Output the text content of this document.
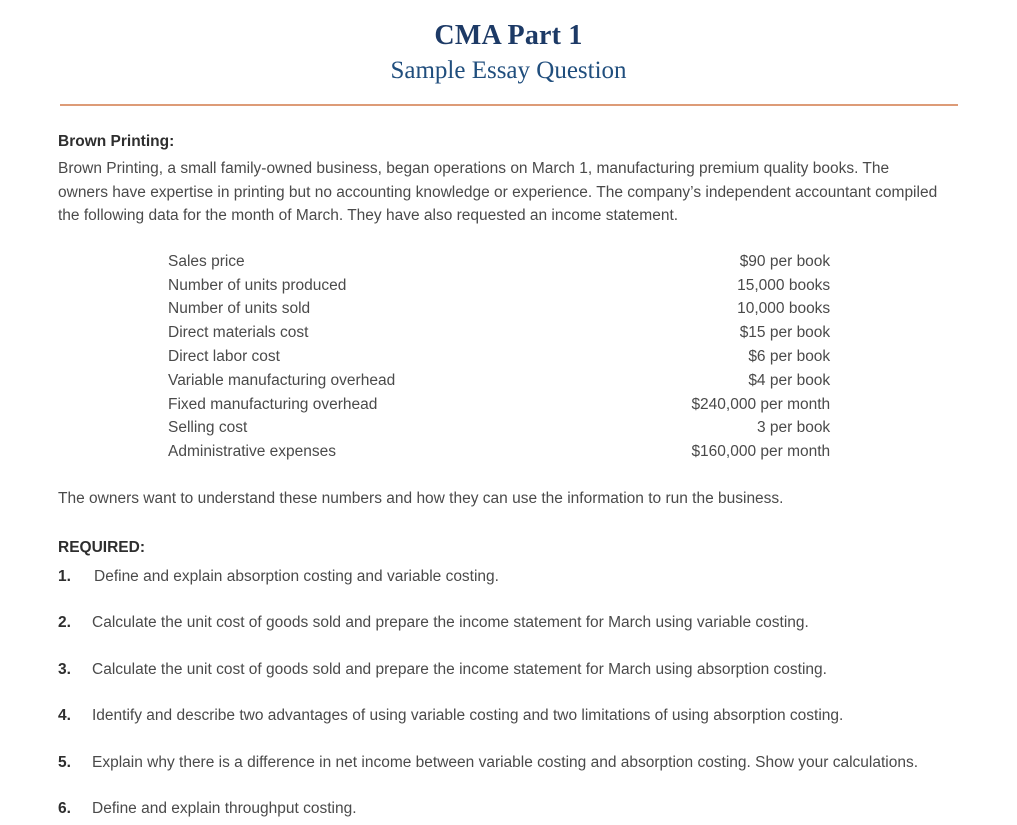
CMA Part 1
Sample Essay Question

Brown Printing:

Brown Printing, a small family-owned business, began operations on March 1, manufacturing premium quality books. The owners have expertise in printing but no accounting knowledge or experience. The company’s independent accountant compiled the following data for the month of March. They have also requested an income statement.

Sales price	$90 per book
Number of units produced	15,000 books
Number of units sold	10,000 books
Direct materials cost	$15 per book
Direct labor cost	$6 per book
Variable manufacturing overhead	$4 per book
Fixed manufacturing overhead	$240,000 per month
Selling cost	3 per book
Administrative expenses	$160,000 per month

The owners want to understand these numbers and how they can use the information to run the business.

REQUIRED:

1.	Define and explain absorption costing and variable costing.
2.	Calculate the unit cost of goods sold and prepare the income statement for March using variable costing.
3.	Calculate the unit cost of goods sold and prepare the income statement for March using absorption costing.
4.	Identify and describe two advantages of using variable costing and two limitations of using absorption costing.
5.	Explain why there is a difference in net income between variable costing and absorption costing. Show your calculations.
6.	Define and explain throughput costing.
